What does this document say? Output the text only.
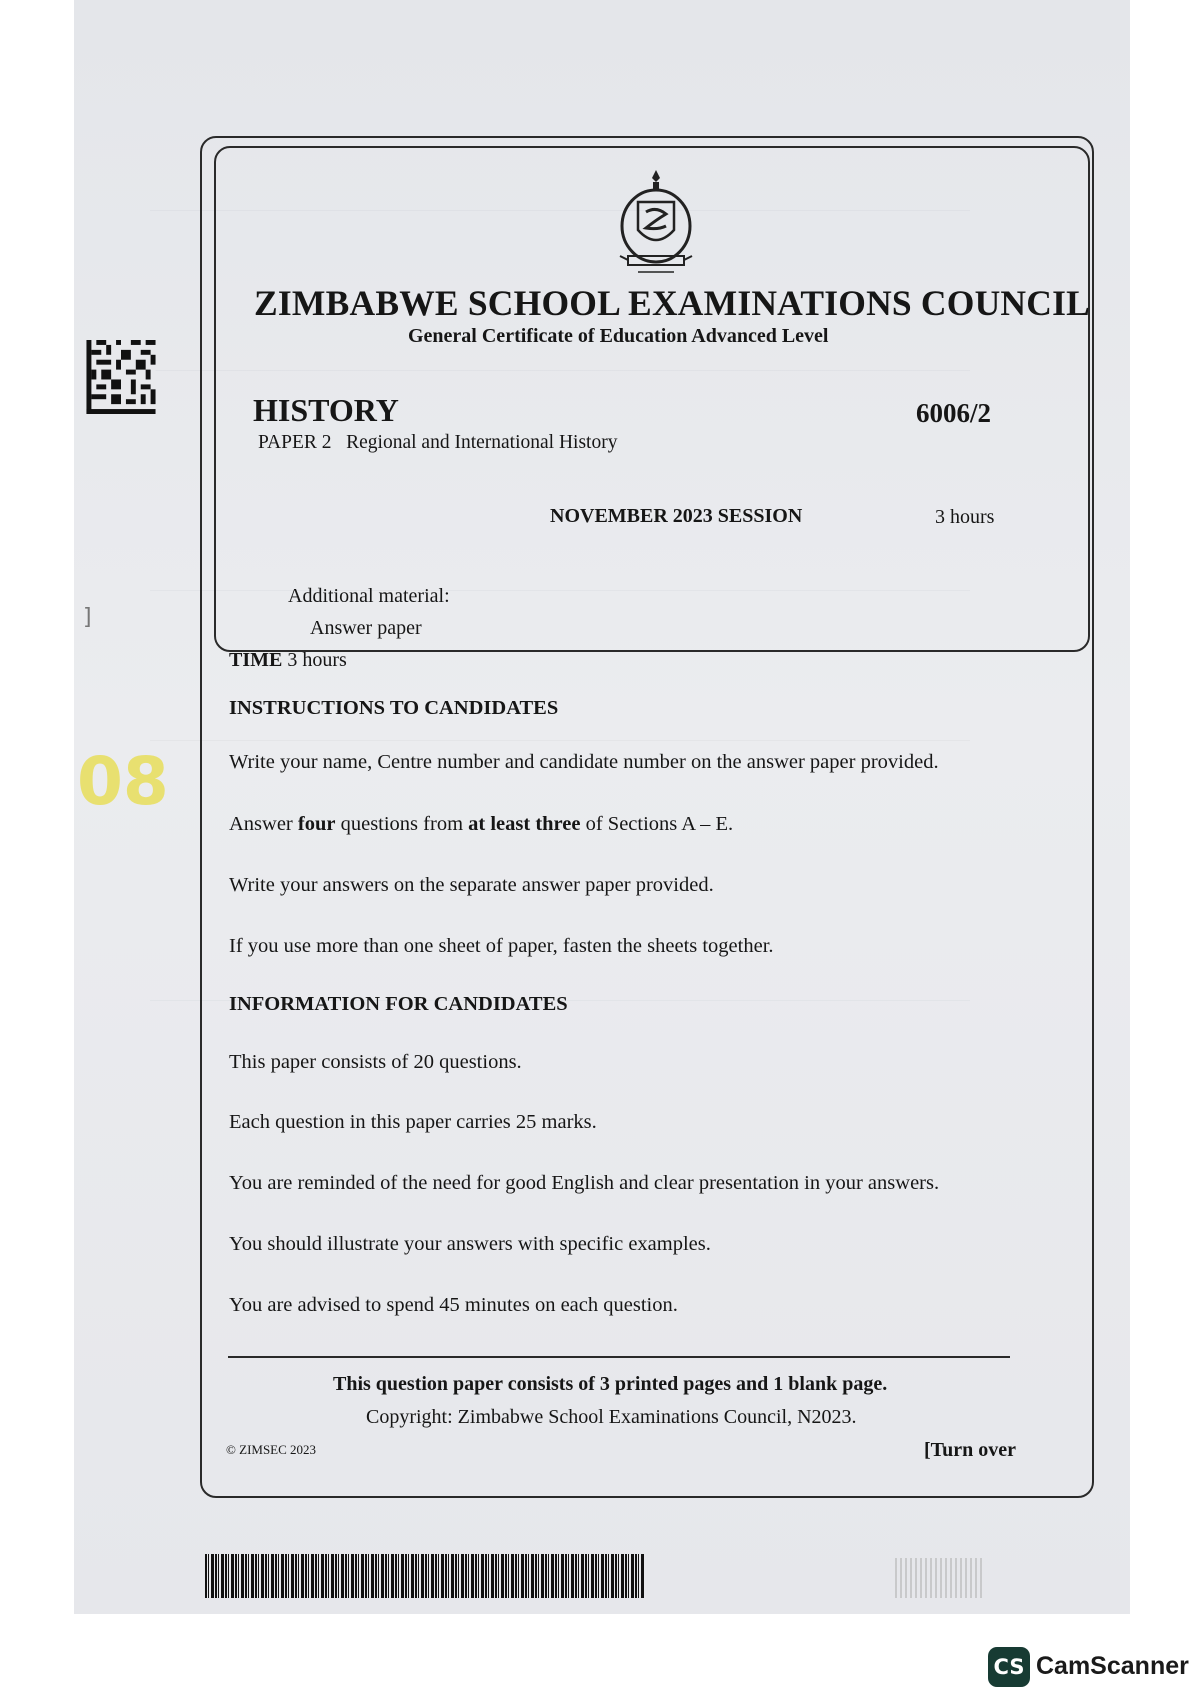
ZIMBABWE SCHOOL EXAMINATIONS COUNCIL
General Certificate of Education Advanced Level
HISTORY	6006/2
PAPER 2   Regional and International History
NOVEMBER 2023 SESSION	3 hours
Additional material:
Answer paper
TIME 3 hours
INSTRUCTIONS TO CANDIDATES
Write your name, Centre number and candidate number on the answer paper provided.
Answer four questions from at least three of Sections A – E.
Write your answers on the separate answer paper provided.
If you use more than one sheet of paper, fasten the sheets together.
INFORMATION FOR CANDIDATES
This paper consists of 20 questions.
Each question in this paper carries 25 marks.
You are reminded of the need for good English and clear presentation in your answers.
You should illustrate your answers with specific examples.
You are advised to spend 45 minutes on each question.
This question paper consists of 3 printed pages and 1 blank page.
Copyright: Zimbabwe School Examinations Council, N2023.
© ZIMSEC 2023	[Turn over
08
]
CS CamScanner
